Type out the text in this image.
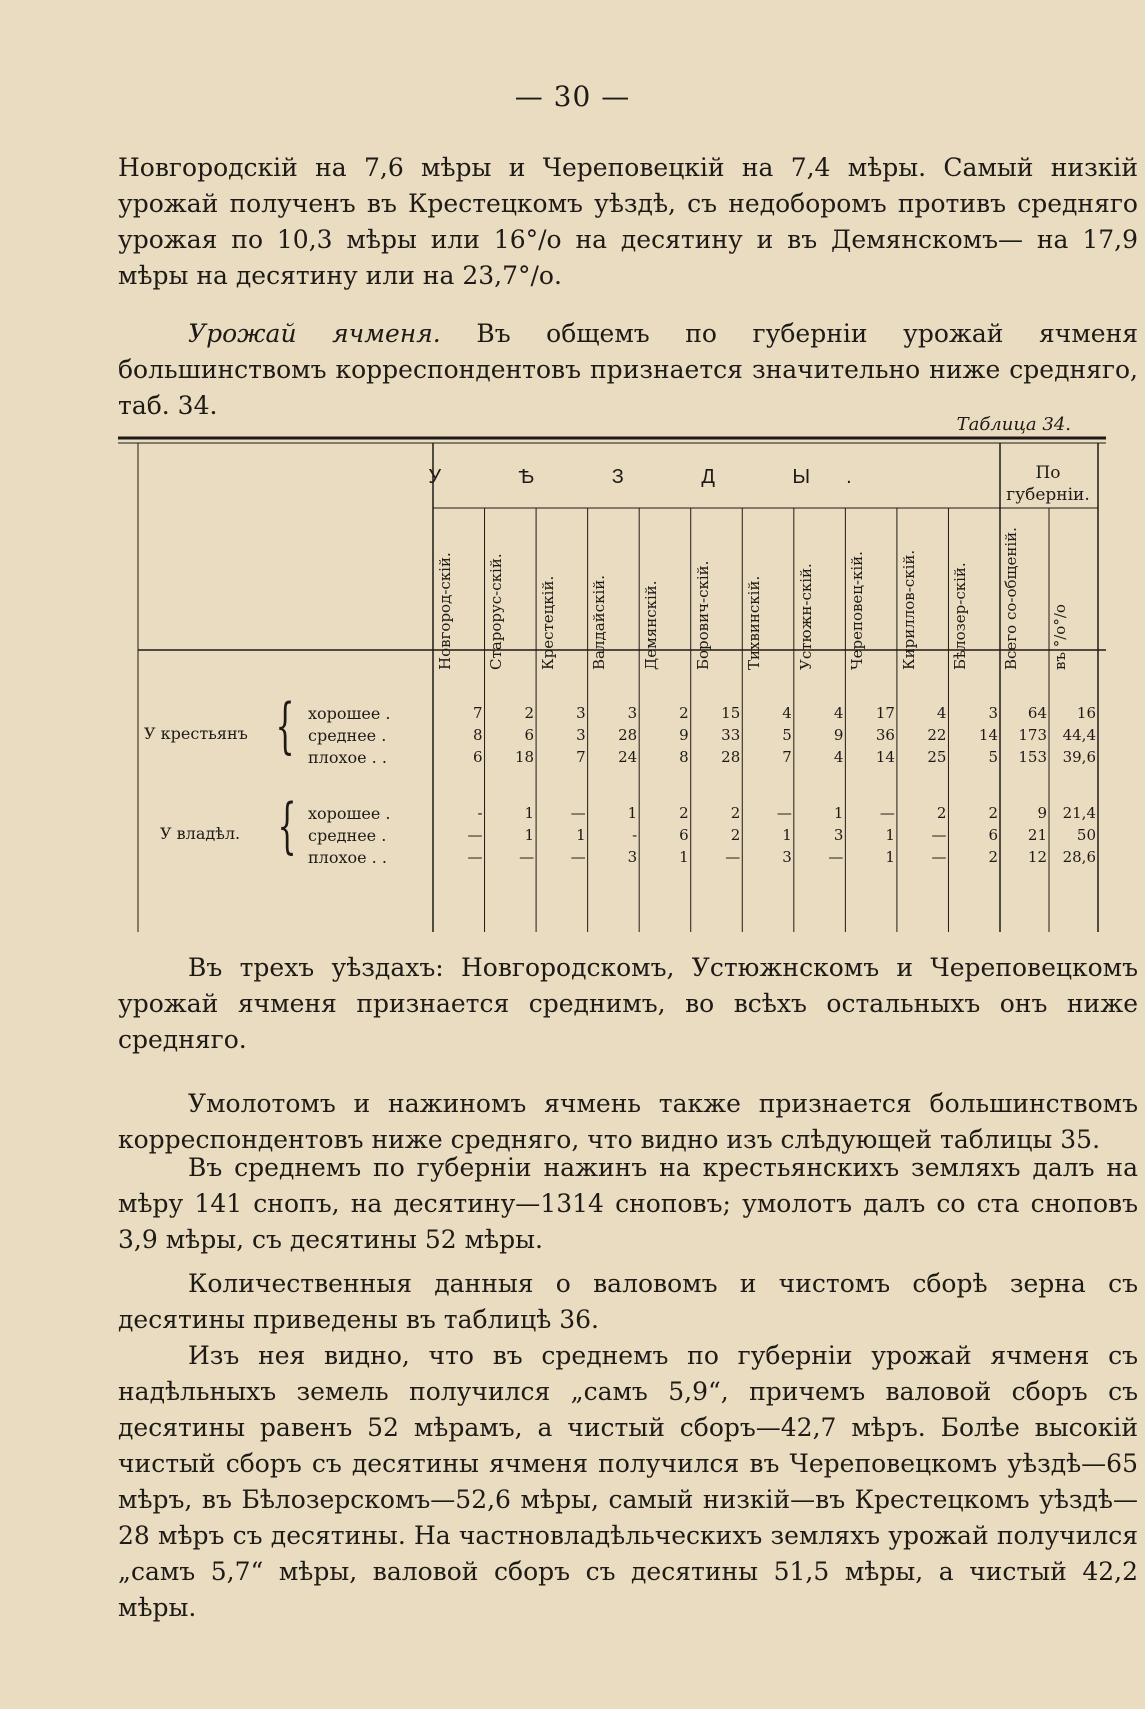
— 30 —

Новгородскій на 7,6 мѣры и Череповецкій на 7,4 мѣры. Самый низкій урожай полученъ въ Крестецкомъ уѣздѣ, съ недоборомъ противъ средняго урожая по 10,3 мѣры или 16°/о на десятину и въ Демянскомъ— на 17,9 мѣры на десятину или на 23,7°/о.

Урожай ячменя. Въ общемъ по губерніи урожай ячменя большинствомъ корреспондентовъ признается значительно ниже средняго, таб. 34.

Таблица 34.
У Ѣ З Д Ы.	По губерніи.
Новгород-скій.	Староруc-скій.	Крестецкій.	Валдайскій.	Демянскій.	Борович-скій.	Тихвинскій.	Устюжн-скій.	Череповец-кій.	Кириллов-скій.	Бѣлозер-скій.	Всего со-общеній.	въ °/о°/о
У крестьянъ { хорошее .	7	2	3	3	2	15	4	4	17	4	3	64	16
среднее .	8	6	3	28	9	33	5	9	36	22	14	173	44,4
плохое . .	6	18	7	24	8	28	7	4	14	25	5	153	39,6
У владѣл. { хорошее .	-	1	—	1	2	2	—	1	—	2	2	9	21,4
среднее .	—	1	1	-	6	2	1	3	1	—	6	21	50
плохое . .	—	—	—	3	1	—	3	—	1	—	2	12	28,6

Въ трехъ уѣздахъ: Новгородскомъ, Устюжнскомъ и Череповецкомъ урожай ячменя признается среднимъ, во всѣхъ остальныхъ онъ ниже средняго.

Умолотомъ и нажиномъ ячмень также признается большинствомъ корреспондентовъ ниже средняго, что видно изъ слѣдующей таблицы 35.

Въ среднемъ по губерніи нажинъ на крестьянскихъ земляхъ далъ на мѣру 141 снопъ, на десятину—1314 сноповъ; умолотъ далъ со ста сноповъ 3,9 мѣры, съ десятины 52 мѣры.

Количественныя данныя о валовомъ и чистомъ сборѣ зерна съ десятины приведены въ таблицѣ 36.

Изъ нея видно, что въ среднемъ по губерніи урожай ячменя съ надѣльныхъ земель получился „самъ 5,9“, причемъ валовой сборъ съ десятины равенъ 52 мѣрамъ, а чистый сборъ—42,7 мѣръ. Болѣе высокій чистый сборъ съ десятины ячменя получился въ Череповецкомъ уѣздѣ—65 мѣръ, въ Бѣлозерскомъ—52,6 мѣры, самый низкій—въ Крестецкомъ уѣздѣ—28 мѣръ съ десятины. На частновладѣльческихъ земляхъ урожай получился „самъ 5,7“ мѣры, валовой сборъ съ десятины 51,5 мѣры, а чистый 42,2 мѣры.
